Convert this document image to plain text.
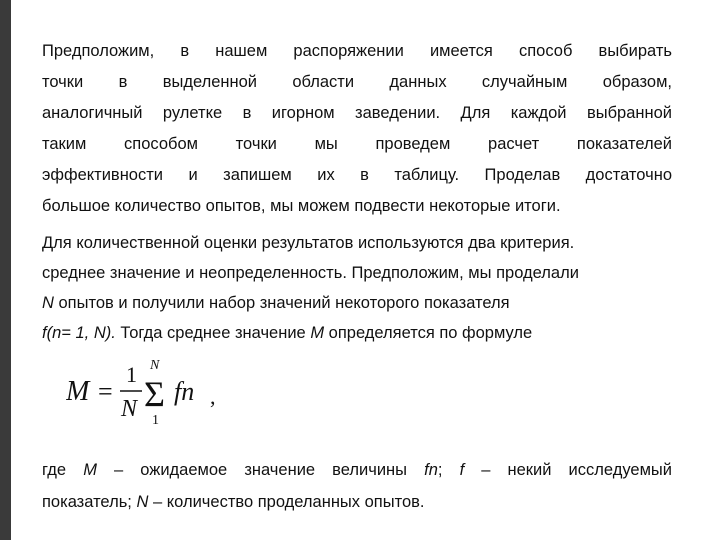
Предположим, в нашем распоряжении имеется способ выбирать
точки в выделенной области данных случайным образом,
аналогичный рулетке в игорном заведении. Для каждой выбранной
таким способом точки мы проведем расчет показателей
эффективности и запишем их в таблицу. Проделав достаточно
большое количество опытов, мы можем подвести некоторые итоги.

Для количественной оценки результатов используются два критерия.
среднее значение и неопределенность. Предположим, мы проделали
N опытов и получили набор значений некоторого показателя
f(n= 1, N). Тогда среднее значение M определяется по формуле

M =
1
N
N
Σ
1
fn ,

где M – ожидаемое значение величины fn; f – некий исследуемый
показатель; N – количество проделанных опытов.
